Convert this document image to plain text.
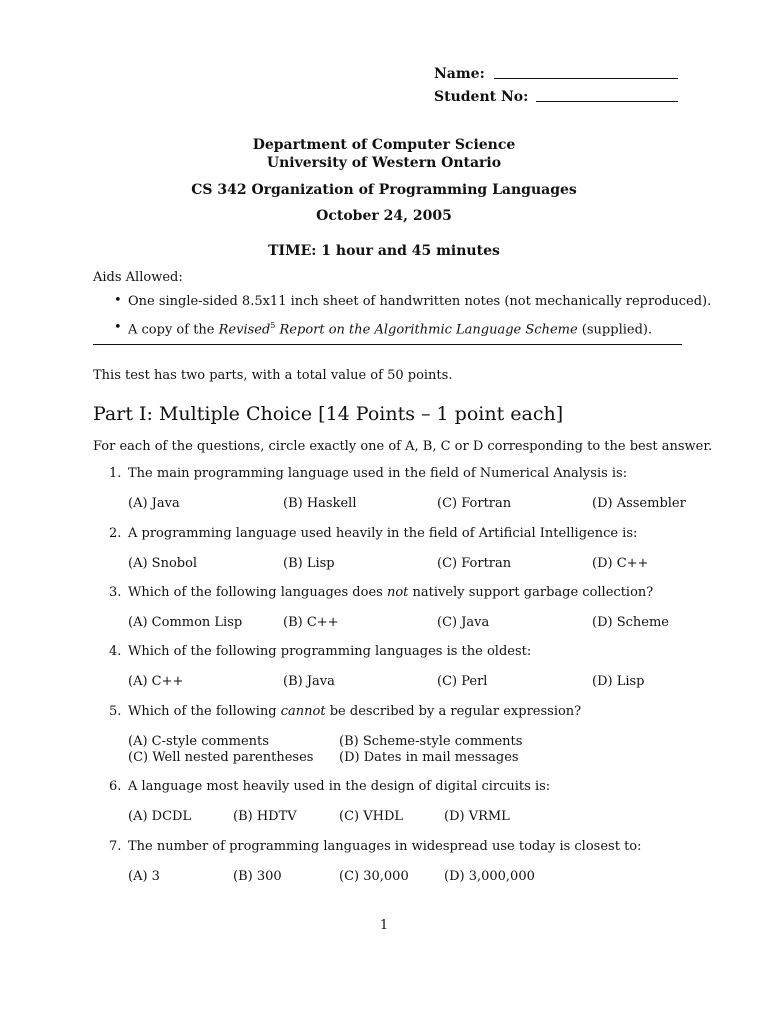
Name:
Student No:
Department of Computer Science
University of Western Ontario
CS 342 Organization of Programming Languages
October 24, 2005
TIME: 1 hour and 45 minutes
Aids Allowed:
• One single-sided 8.5x11 inch sheet of handwritten notes (not mechanically reproduced).
• A copy of the Revised$^5$ Report on the Algorithmic Language Scheme (supplied).
This test has two parts, with a total value of 50 points.
Part I: Multiple Choice [14 Points – 1 point each]
For each of the questions, circle exactly one of A, B, C or D corresponding to the best answer.
1. The main programming language used in the field of Numerical Analysis is:
(A) Java	(B) Haskell	(C) Fortran	(D) Assembler
2. A programming language used heavily in the field of Artificial Intelligence is:
(A) Snobol	(B) Lisp	(C) Fortran	(D) C++
3. Which of the following languages does not natively support garbage collection?
(A) Common Lisp	(B) C++	(C) Java	(D) Scheme
4. Which of the following programming languages is the oldest:
(A) C++	(B) Java	(C) Perl	(D) Lisp
5. Which of the following cannot be described by a regular expression?
(A) C-style comments	(B) Scheme-style comments
(C) Well nested parentheses (D) Dates in mail messages
6. A language most heavily used in the design of digital circuits is:
(A) DCDL	(B) HDTV	(C) VHDL	(D) VRML
7. The number of programming languages in widespread use today is closest to:
(A) 3	(B) 300	(C) 30,000	(D) 3,000,000
1
